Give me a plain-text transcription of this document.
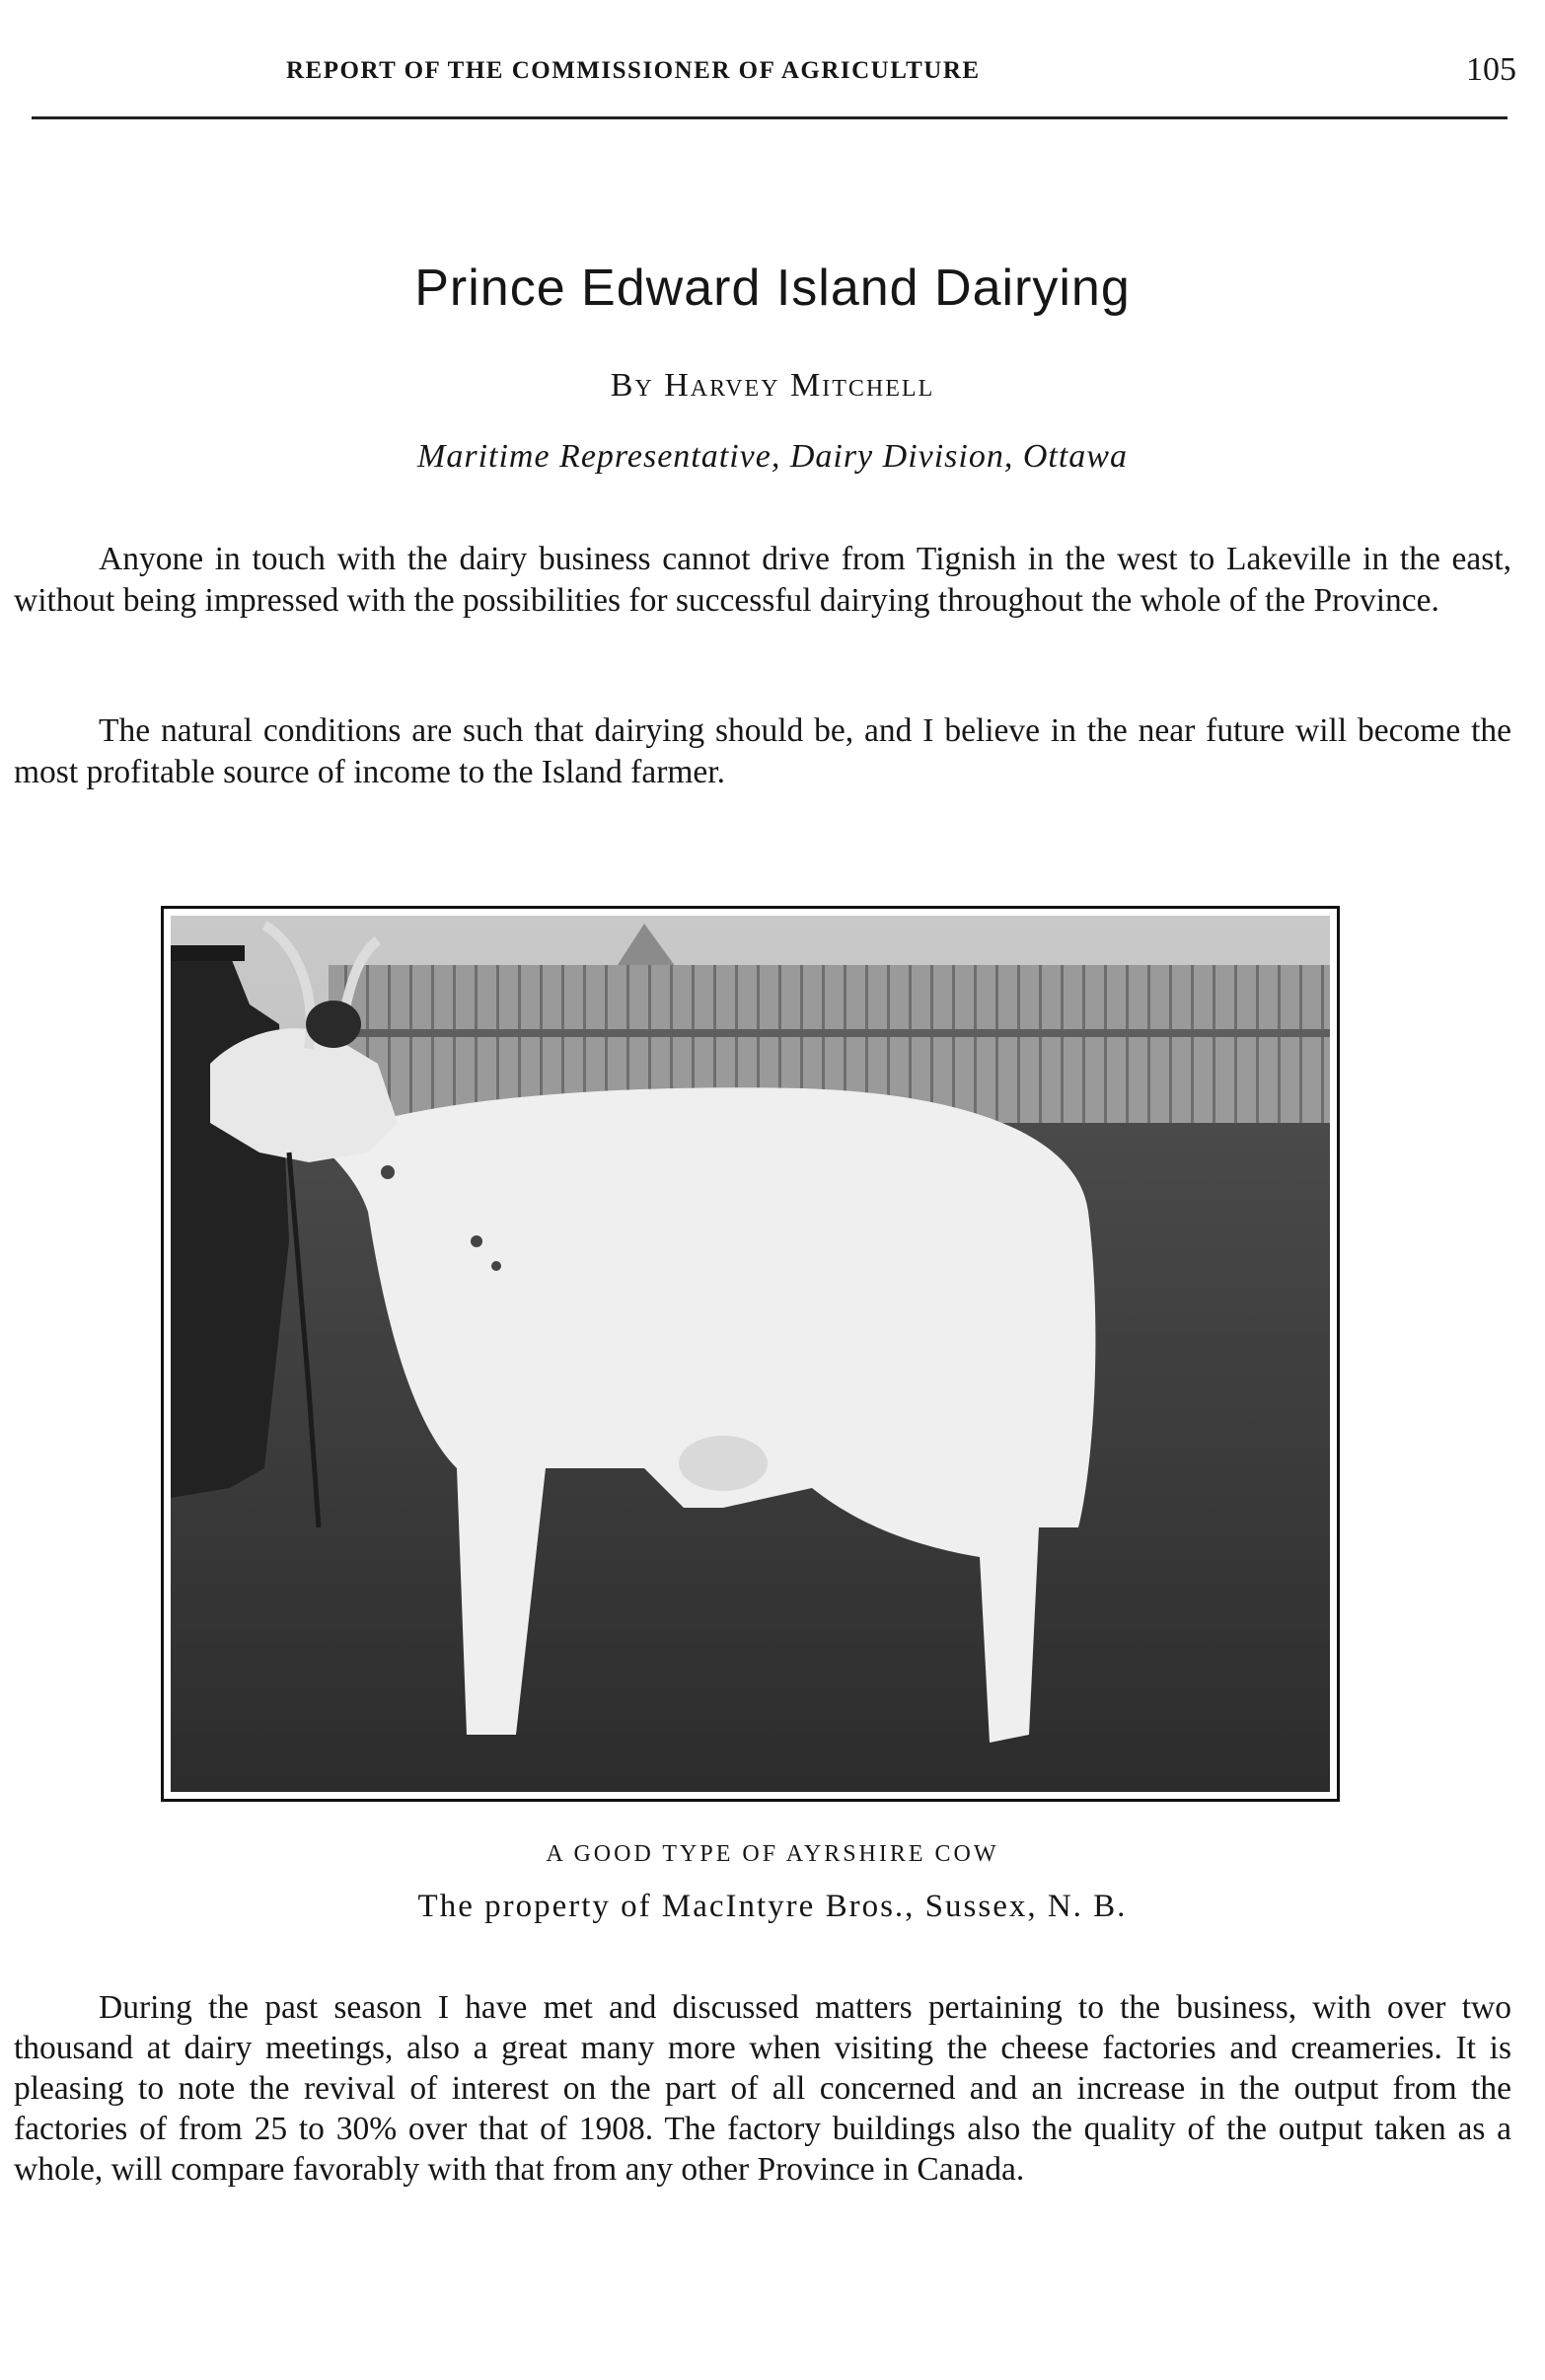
REPORT OF THE COMMISSIONER OF AGRICULTURE	105
Prince Edward Island Dairying
By Harvey Mitchell
Maritime Representative, Dairy Division, Ottawa

Anyone in touch with the dairy business cannot drive from Tignish in the west to Lakeville in the east, without being impressed with the possibilities for successful dairying throughout the whole of the Province.

The natural conditions are such that dairying should be, and I believe in the near future will become the most profitable source of income to the Island farmer.

A GOOD TYPE OF AYRSHIRE COW
The property of MacIntyre Bros., Sussex, N. B.

During the past season I have met and discussed matters pertaining to the business, with over two thousand at dairy meetings, also a great many more when visiting the cheese factories and creameries. It is pleasing to note the revival of interest on the part of all concerned and an increase in the output from the factories of from 25 to 30% over that of 1908. The factory buildings also the quality of the output taken as a whole, will compare favorably with that from any other Province in Canada.
